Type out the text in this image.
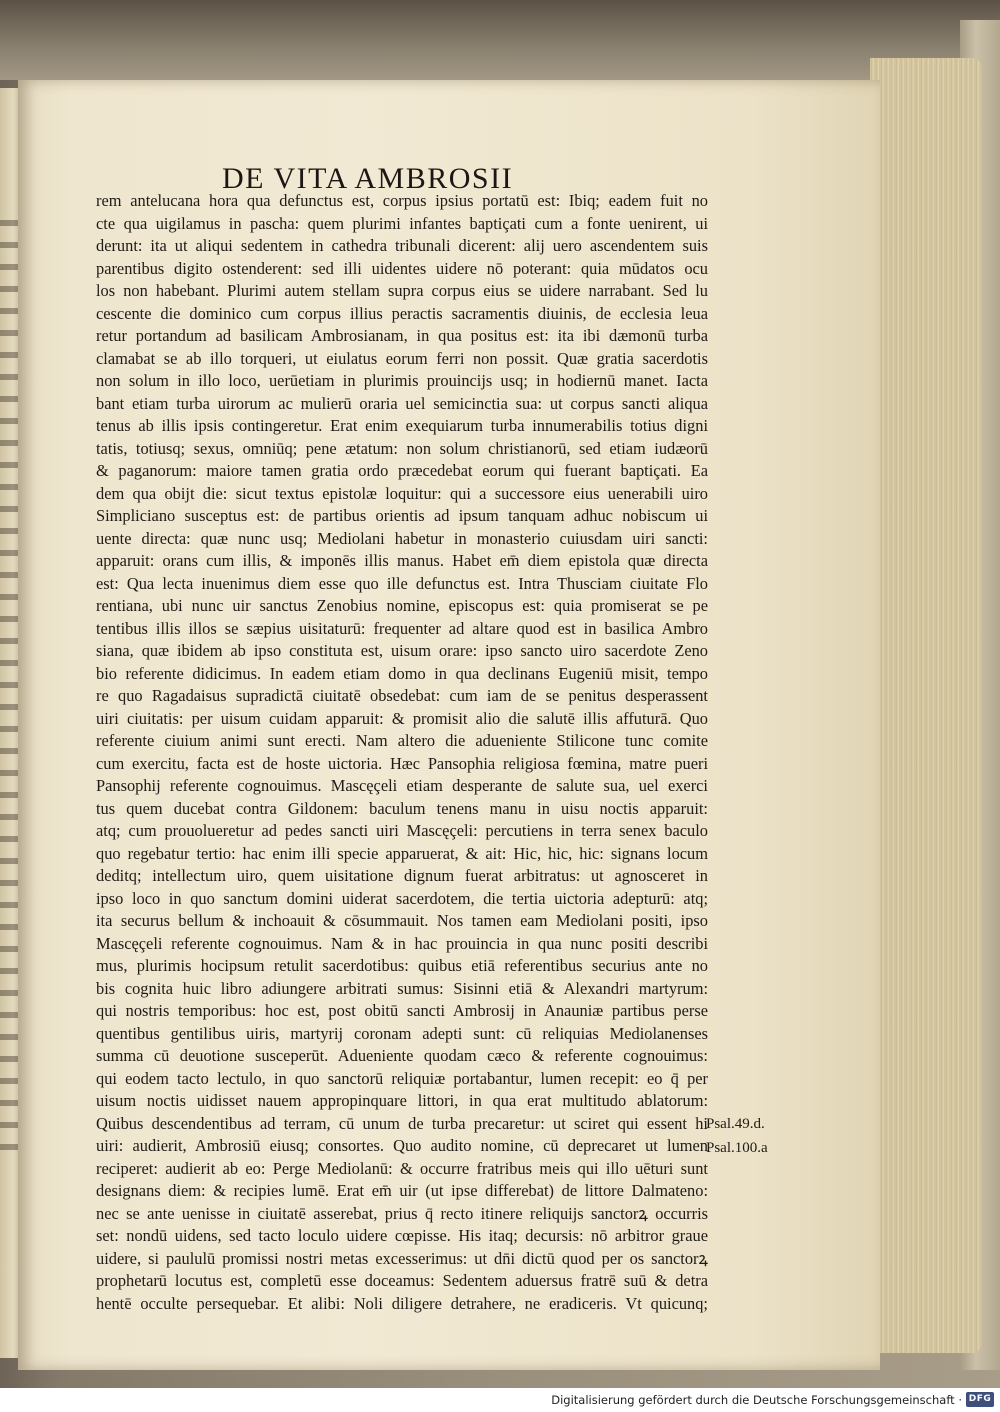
DE VITA AMBROSII
rem antelucana hora qua defunctus est, corpus ipsius portatū est: Ibiq; eadem fuit no
cte qua uigilamus in pascha: quem plurimi infantes baptiçati cum a fonte uenirent, ui
derunt: ita ut aliqui sedentem in cathedra tribunali dicerent: alij uero ascendentem suis
parentibus digito ostenderent: sed illi uidentes uidere nō poterant: quia mūdatos ocu
los non habebant. Plurimi autem stellam supra corpus eius se uidere narrabant. Sed lu
cescente die dominico cum corpus illius peractis sacramentis diuinis, de ecclesia leua
retur portandum ad basilicam Ambrosianam, in qua positus est: ita ibi dæmonū turba
clamabat se ab illo torqueri, ut eiulatus eorum ferri non possit. Quæ gratia sacerdotis
non solum in illo loco, uerūetiam in plurimis prouincijs usq; in hodiernū manet. Iacta
bant etiam turba uirorum ac mulierū oraria uel semicinctia sua: ut corpus sancti aliqua
tenus ab illis ipsis contingeretur. Erat enim exequiarum turba innumerabilis totius digni
tatis, totiusq; sexus, omniūq; pene ætatum: non solum christianorū, sed etiam iudæorū
& paganorum: maiore tamen gratia ordo præcedebat eorum qui fuerant baptiçati. Ea
dem qua obijt die: sicut textus epistolæ loquitur: qui a successore eius uenerabili uiro
Simpliciano susceptus est: de partibus orientis ad ipsum tanquam adhuc nobiscum ui
uente directa: quæ nunc usq; Mediolani habetur in monasterio cuiusdam uiri sancti:
apparuit: orans cum illis, & imponēs illis manus. Habet em̄ diem epistola quæ directa
est: Qua lecta inuenimus diem esse quo ille defunctus est. Intra Thusciam ciuitate Flo
rentiana, ubi nunc uir sanctus Zenobius nomine, episcopus est: quia promiserat se pe
tentibus illis illos se sæpius uisitaturū: frequenter ad altare quod est in basilica Ambro
siana, quæ ibidem ab ipso constituta est, uisum orare: ipso sancto uiro sacerdote Zeno
bio referente didicimus. In eadem etiam domo in qua declinans Eugeniū misit, tempo
re quo Ragadaisus supradictā ciuitatē obsedebat: cum iam de se penitus desperassent
uiri ciuitatis: per uisum cuidam apparuit: & promisit alio die salutē illis affuturā. Quo
referente ciuium animi sunt erecti. Nam altero die adueniente Stilicone tunc comite
cum exercitu, facta est de hoste uictoria. Hæc Pansophia religiosa fœmina, matre pueri
Pansophij referente cognouimus. Mascęçeli etiam desperante de salute sua, uel exerci
tus quem ducebat contra Gildonem: baculum tenens manu in uisu noctis apparuit:
atq; cum prouolueretur ad pedes sancti uiri Mascęçeli: percutiens in terra senex baculo
quo regebatur tertio: hac enim illi specie apparuerat, & ait: Hic, hic, hic: signans locum
deditq; intellectum uiro, quem uisitatione dignum fuerat arbitratus: ut agnosceret in
ipso loco in quo sanctum domini uiderat sacerdotem, die tertia uictoria adepturū: atq;
ita securus bellum & inchoauit & cōsummauit. Nos tamen eam Mediolani positi, ipso
Mascęçeli referente cognouimus. Nam & in hac prouincia in qua nunc positi describi
mus, plurimis hocipsum retulit sacerdotibus: quibus etiā referentibus securius ante no
bis cognita huic libro adiungere arbitrati sumus: Sisinni etiā & Alexandri martyrum:
qui nostris temporibus: hoc est, post obitū sancti Ambrosij in Anauniæ partibus perse
quentibus gentilibus uiris, martyrij coronam adepti sunt: cū reliquias Mediolanenses
summa cū deuotione susceperūt. Adueniente quodam cæco & referente cognouimus:
qui eodem tacto lectulo, in quo sanctorū reliquiæ portabantur, lumen recepit: eo q̄ per
uisum noctis uidisset nauem appropinquare littori, in qua erat multitudo ablatorum:
Quibus descendentibus ad terram, cū unum de turba precaretur: ut sciret qui essent hi
uiri: audierit, Ambrosiū eiusq; consortes. Quo audito nomine, cū deprecaret ut lumen
reciperet: audierit ab eo: Perge Mediolanū: & occurre fratribus meis qui illo uēturi sunt
designans diem: & recipies lumē. Erat em̄ uir (ut ipse differebat) de littore Dalmateno:
nec se ante uenisse in ciuitatē asserebat, prius q̄ recto itinere reliquijs sanctorꝝ occurris
set: nondū uidens, sed tacto loculo uidere cœpisse. His itaq; decursis: nō arbitror graue
uidere, si paululū promissi nostri metas excesserimus: ut dn̄i dictū quod per os sanctorꝝ
prophetarū locutus est, completū esse doceamus: Sedentem aduersus fratrē suū & detra
hentē occulte persequebar. Et alibi: Noli diligere detrahere, ne eradiceris. Vt quicunq;
Psal.49.d.
Psal.100.a
Digitalisierung gefördert durch die Deutsche Forschungsgemeinschaft · DFG
